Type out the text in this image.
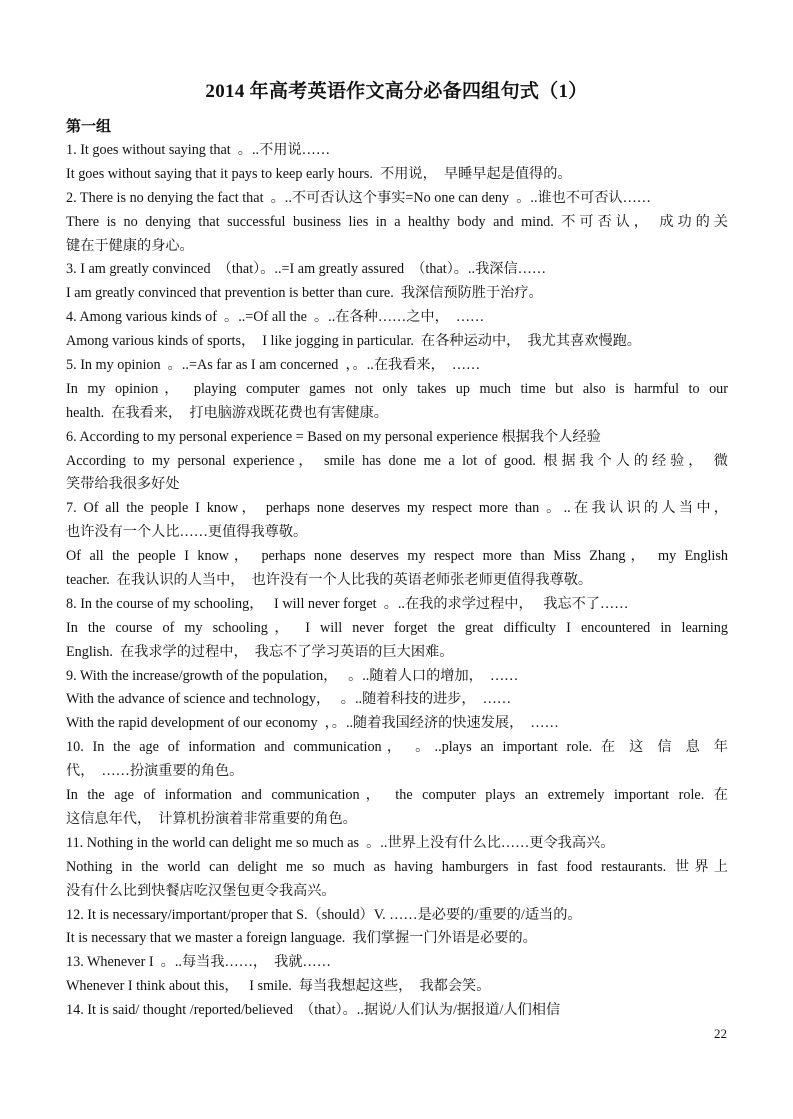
2014 年高考英语作文高分必备四组句式（1）
第一组
1. It goes without saying that  。..不用说……
It goes without saying that it pays to keep early hours.  不用说，  早睡早起是值得的。
2. There is no denying the fact that  。..不可否认这个事实=No one can deny  。..谁也不可否认……
There is no denying that successful business lies in a healthy body and mind. 不可否认， 成功的关
键在于健康的身心。
3. I am greatly convinced  （that）。..=I am greatly assured  （that）。..我深信……
I am greatly convinced that prevention is better than cure.  我深信预防胜于治疗。
4. Among various kinds of  。..=Of all the  。..在各种……之中，  ……
Among various kinds of sports，  I like jogging in particular.  在各种运动中，  我尤其喜欢慢跑。
5. In my opinion  。..=As far as I am concerned  ，。..在我看来，  ……
In my opinion， playing computer games not only takes up much time but also is harmful to our
health.  在我看来，  打电脑游戏既花费也有害健康。
6. According to my personal experience = Based on my personal experience 根据我个人经验
According to my personal experience， smile has done me a lot of good. 根据我个人的经验， 微
笑带给我很多好处
7. Of all the people I know， perhaps none deserves my respect more than 。..在我认识的人当中，
也许没有一个人比……更值得我尊敬。
Of all the people I know， perhaps none deserves my respect more than Miss Zhang， my English
teacher.  在我认识的人当中，  也许没有一个人比我的英语老师张老师更值得我尊敬。
8. In the course of my schooling，   I will never forget  。..在我的求学过程中，   我忘不了……
In the course of my schooling， I will never forget the great difficulty I encountered in learning
English.  在我求学的过程中，  我忘不了学习英语的巨大困难。
9. With the increase/growth of the population，   。..随着人口的增加，  ……
With the advance of science and technology，   。..随着科技的进步，  ……
With the rapid development of our economy  ，。..随着我国经济的快速发展，  ……
10. In the age of information and communication， 。..plays an important role. 在 这 信 息 年
代，  ……扮演重要的角色。
In the age of information and communication， the computer plays an extremely important role. 在
这信息年代，  计算机扮演着非常重要的角色。
11. Nothing in the world can delight me so much as  。..世界上没有什么比……更令我高兴。
Nothing in the world can delight me so much as having hamburgers in fast food restaurants. 世界上
没有什么比到快餐店吃汉堡包更令我高兴。
12. It is necessary/important/proper that S.（should）V. ……是必要的/重要的/适当的。
It is necessary that we master a foreign language.  我们掌握一门外语是必要的。
13. Whenever I  。..每当我……，  我就……
Whenever I think about this，   I smile.  每当我想起这些，  我都会笑。
14. It is said/ thought /reported/believed  （that）。..据说/人们认为/据报道/人们相信
22
